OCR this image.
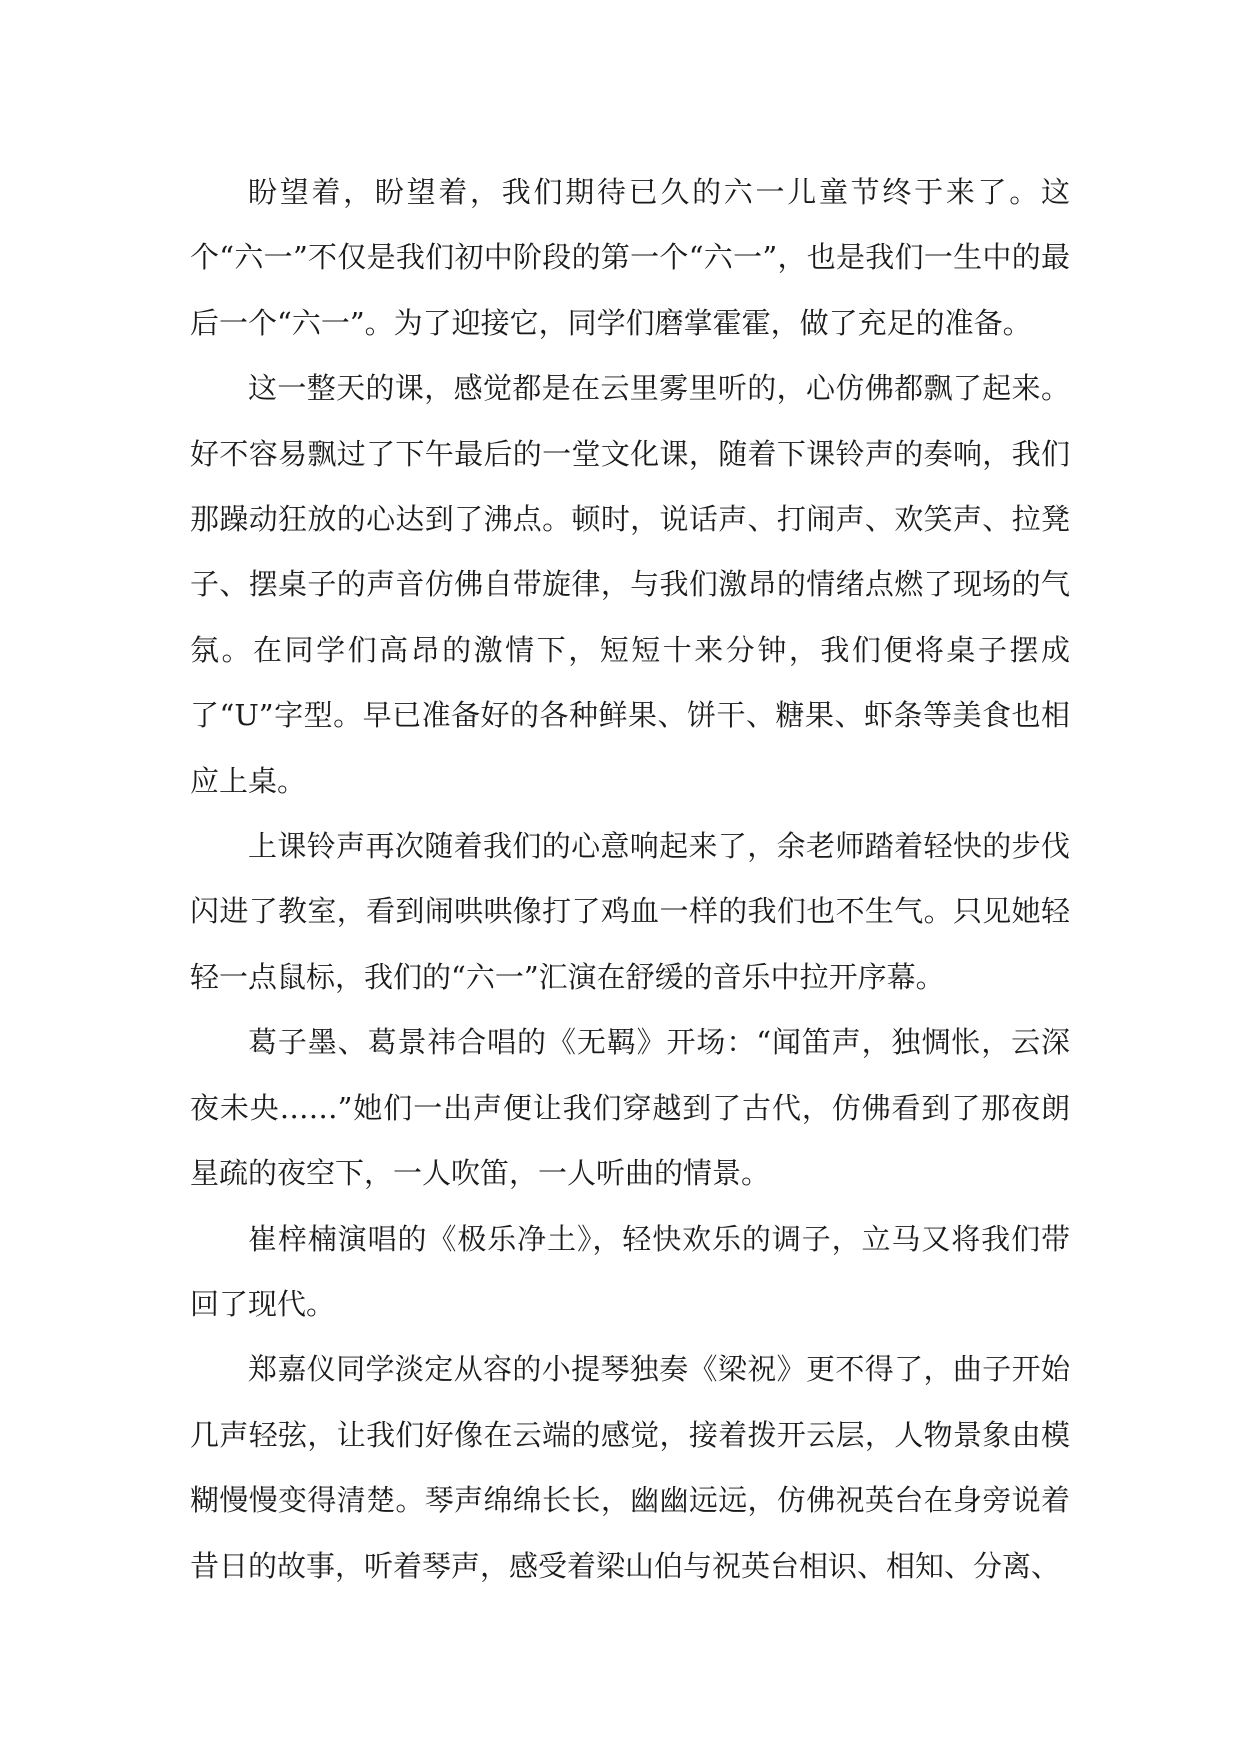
盼望着，盼望着，我们期待已久的六一儿童节终于来了。这个“六一”不仅是我们初中阶段的第一个“六一”，也是我们一生中的最后一个“六一”。为了迎接它，同学们磨掌霍霍，做了充足的准备。

这一整天的课，感觉都是在云里雾里听的，心仿佛都飘了起来。好不容易飘过了下午最后的一堂文化课，随着下课铃声的奏响，我们那躁动狂放的心达到了沸点。顿时，说话声、打闹声、欢笑声、拉凳子、摆桌子的声音仿佛自带旋律，与我们激昂的情绪点燃了现场的气氛。在同学们高昂的激情下，短短十来分钟，我们便将桌子摆成了“U”字型。早已准备好的各种鲜果、饼干、糖果、虾条等美食也相应上桌。

上课铃声再次随着我们的心意响起来了，余老师踏着轻快的步伐闪进了教室，看到闹哄哄像打了鸡血一样的我们也不生气。只见她轻轻一点鼠标，我们的“六一”汇演在舒缓的音乐中拉开序幕。

葛子墨、葛景祎合唱的《无羁》开场：“闻笛声，独惆怅，云深夜未央……”她们一出声便让我们穿越到了古代，仿佛看到了那夜朗星疏的夜空下，一人吹笛，一人听曲的情景。

崔梓楠演唱的《极乐净土》，轻快欢乐的调子，立马又将我们带回了现代。

郑嘉仪同学淡定从容的小提琴独奏《梁祝》更不得了，曲子开始几声轻弦，让我们好像在云端的感觉，接着拨开云层，人物景象由模糊慢慢变得清楚。琴声绵绵长长，幽幽远远，仿佛祝英台在身旁说着昔日的故事，听着琴声，感受着梁山伯与祝英台相识、相知、分离、
